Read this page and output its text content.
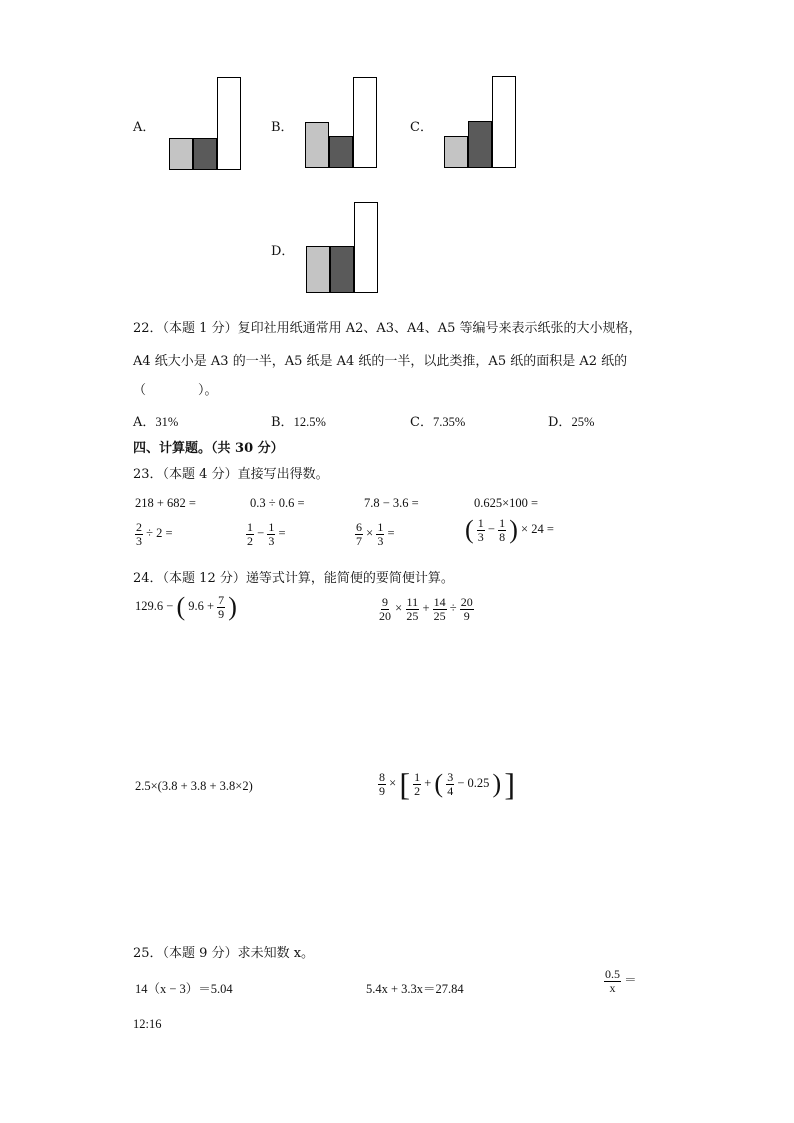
A．	B．	C．
D．
22．（本题 1 分）复印社用纸通常用 A2、A3、A4、A5 等编号来表示纸张的大小规格，
A4 纸大小是 A3 的一半，A5 纸是 A4 纸的一半，以此类推，A5 纸的面积是 A2 纸的
（　　　　）。
A．31%	B．12.5%	C．7.35%	D．25%
四、计算题。（共 30 分）
23．（本题 4 分）直接写出得数。
218 + 682 =	0.3 ÷ 0.6 =	7.8 − 3.6 =	0.625×100 =
$\frac{2}{3} \div 2$ =	$\frac{1}{2} - \frac{1}{3}$ =	$\frac{6}{7} \times \frac{1}{3}$ =	( $\frac{1}{3} - \frac{1}{8}$ ) × 24 =
24．（本题 12 分）递等式计算，能简便的要简便计算。
129.6 − ( $9.6 + \frac{7}{9}$ )	$\frac{9}{20} \times \frac{11}{25} + \frac{14}{25} \div \frac{20}{9}$
2.5×(3.8 + 3.8 + 3.8×2)	$\frac{8}{9}$ × [ $\frac{1}{2}$ + ( $\frac{3}{4} - 0.25$ ) ]
25．（本题 9 分）求未知数 x。
14（x − 3）＝5.04	5.4x + 3.3x＝27.84	$\frac{0.5}{x}$ ＝
12:16
